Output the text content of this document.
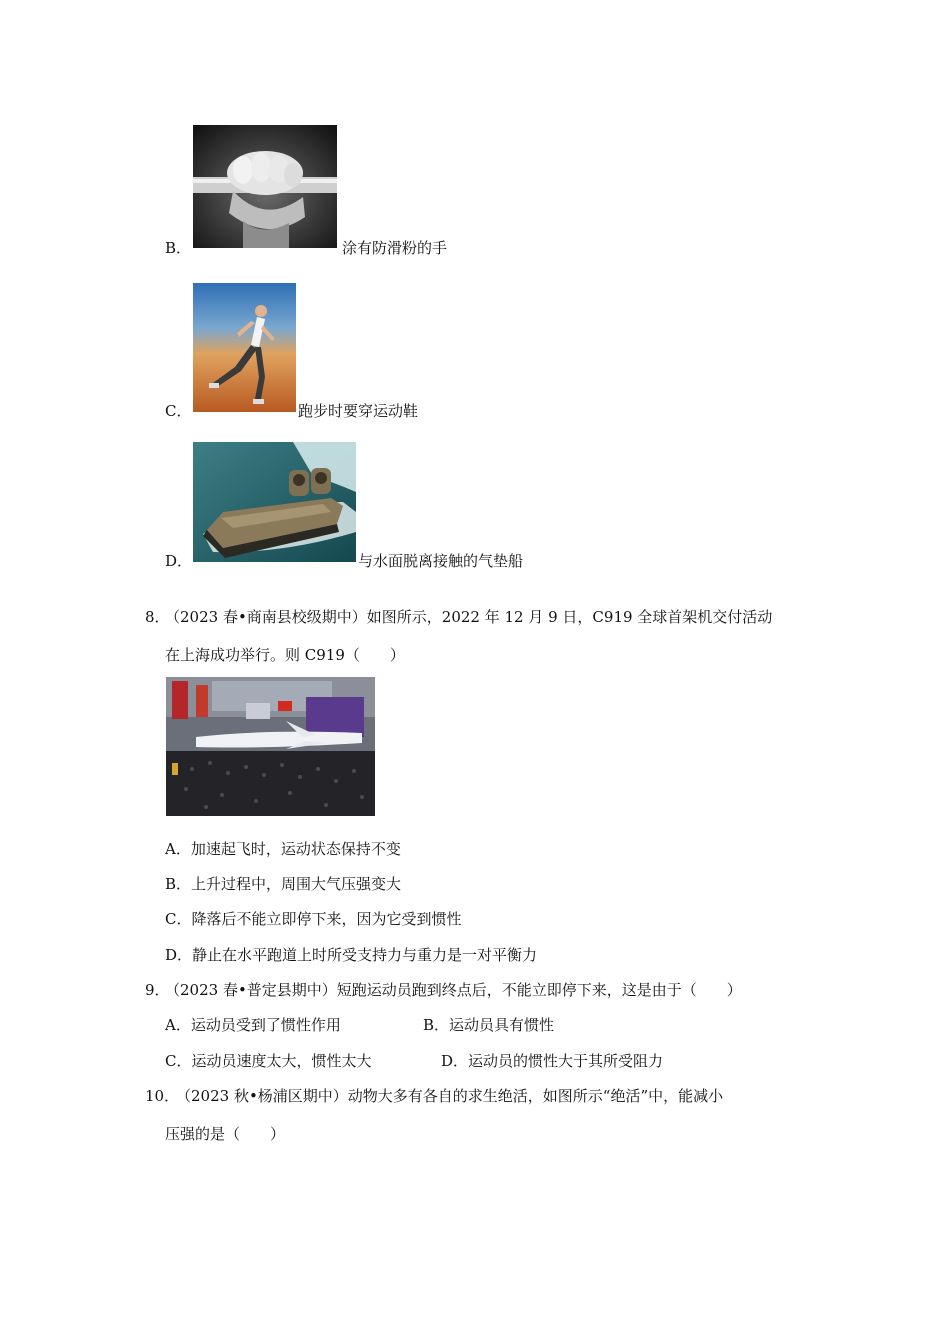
B．	涂有防滑粉的手
C．	跑步时要穿运动鞋
D．	与水面脱离接触的气垫船
8．
（2023 春•商南县校级期中）如图所示，2022 年 12 月 9 日，C919 全球首架机交付活动
在上海成功举行。则 C919（　　）
A．加速起飞时，运动状态保持不变
B．上升过程中，周围大气压强变大
C．降落后不能立即停下来，因为它受到惯性
D．静止在水平跑道上时所受支持力与重力是一对平衡力
9．
（2023 春•普定县期中）短跑运动员跑到终点后，不能立即停下来，这是由于（　　）
A．运动员受到了惯性作用	B．运动员具有惯性
C．运动员速度太大，惯性太大	D．运动员的惯性大于其所受阻力
10．
（2023 秋•杨浦区期中）动物大多有各自的求生绝活，如图所示“绝活”中，能减小
压强的是（　　）
